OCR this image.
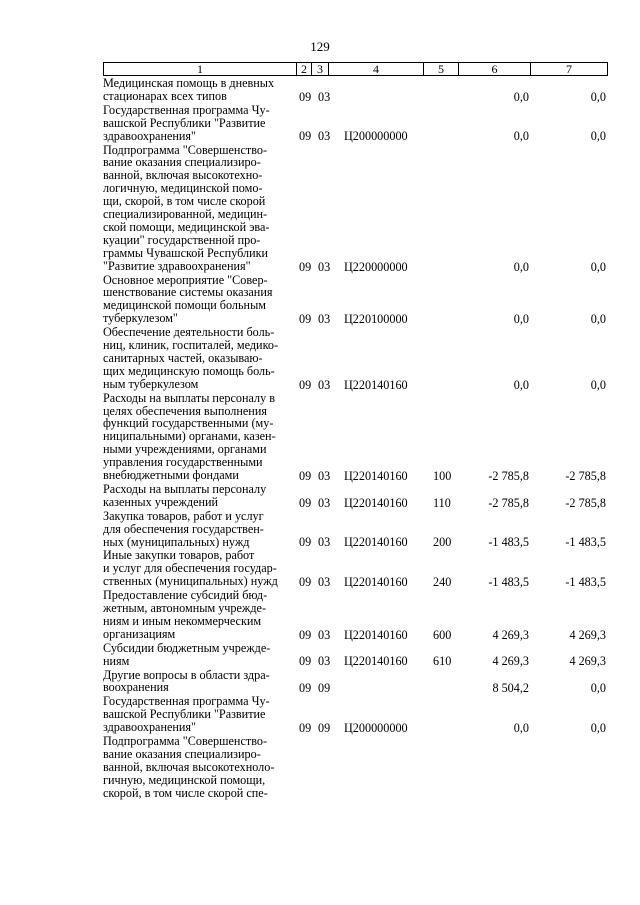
129
1	2 3	4	5	6	7
Медицинская помощь в дневных
стационарах всех типов	09 03	0,0	0,0
Государственная программа Чу-
вашской Республики "Развитие
здравоохранения"	09 03 Ц200000000	0,0	0,0
Подпрограмма "Совершенство-
вание оказания специализиро-
ванной, включая высокотехно-
логичную, медицинской помо-
щи, скорой, в том числе скорой
специализированной, медицин-
ской помощи, медицинской эва-
куации" государственной про-
граммы Чувашской Республики
"Развитие здравоохранения"	09 03 Ц220000000	0,0	0,0
Основное мероприятие "Совер-
шенствование системы оказания
медицинской помощи больным
туберкулезом"	09 03 Ц220100000	0,0	0,0
Обеспечение деятельности боль-
ниц, клиник, госпиталей, медико-
санитарных частей, оказываю-
щих медицинскую помощь боль-
ным туберкулезом	09 03 Ц220140160	0,0	0,0
Расходы на выплаты персоналу в
целях обеспечения выполнения
функций государственными (му-
ниципальными) органами, казен-
ными учреждениями, органами
управления государственными
внебюджетными фондами	09 03 Ц220140160 100	-2 785,8	-2 785,8
Расходы на выплаты персоналу
казенных учреждений	09 03 Ц220140160 110	-2 785,8	-2 785,8
Закупка товаров, работ и услуг
для обеспечения государствен-
ных (муниципальных) нужд	09 03 Ц220140160 200	-1 483,5	-1 483,5
Иные закупки товаров, работ
и услуг для обеспечения государ-
ственных (муниципальных) нужд	09 03 Ц220140160 240	-1 483,5	-1 483,5
Предоставление субсидий бюд-
жетным, автономным учрежде-
ниям и иным некоммерческим
организациям	09 03 Ц220140160 600	4 269,3	4 269,3
Субсидии бюджетным учрежде-
ниям	09 03 Ц220140160 610	4 269,3	4 269,3
Другие вопросы в области здра-
воохранения	09 09	8 504,2	0,0
Государственная программа Чу-
вашской Республики "Развитие
здравоохранения"	09 09 Ц200000000	0,0	0,0
Подпрограмма "Совершенство-
вание оказания специализиро-
ванной, включая высокотехноло-
гичную, медицинской помощи,
скорой, в том числе скорой спе-
